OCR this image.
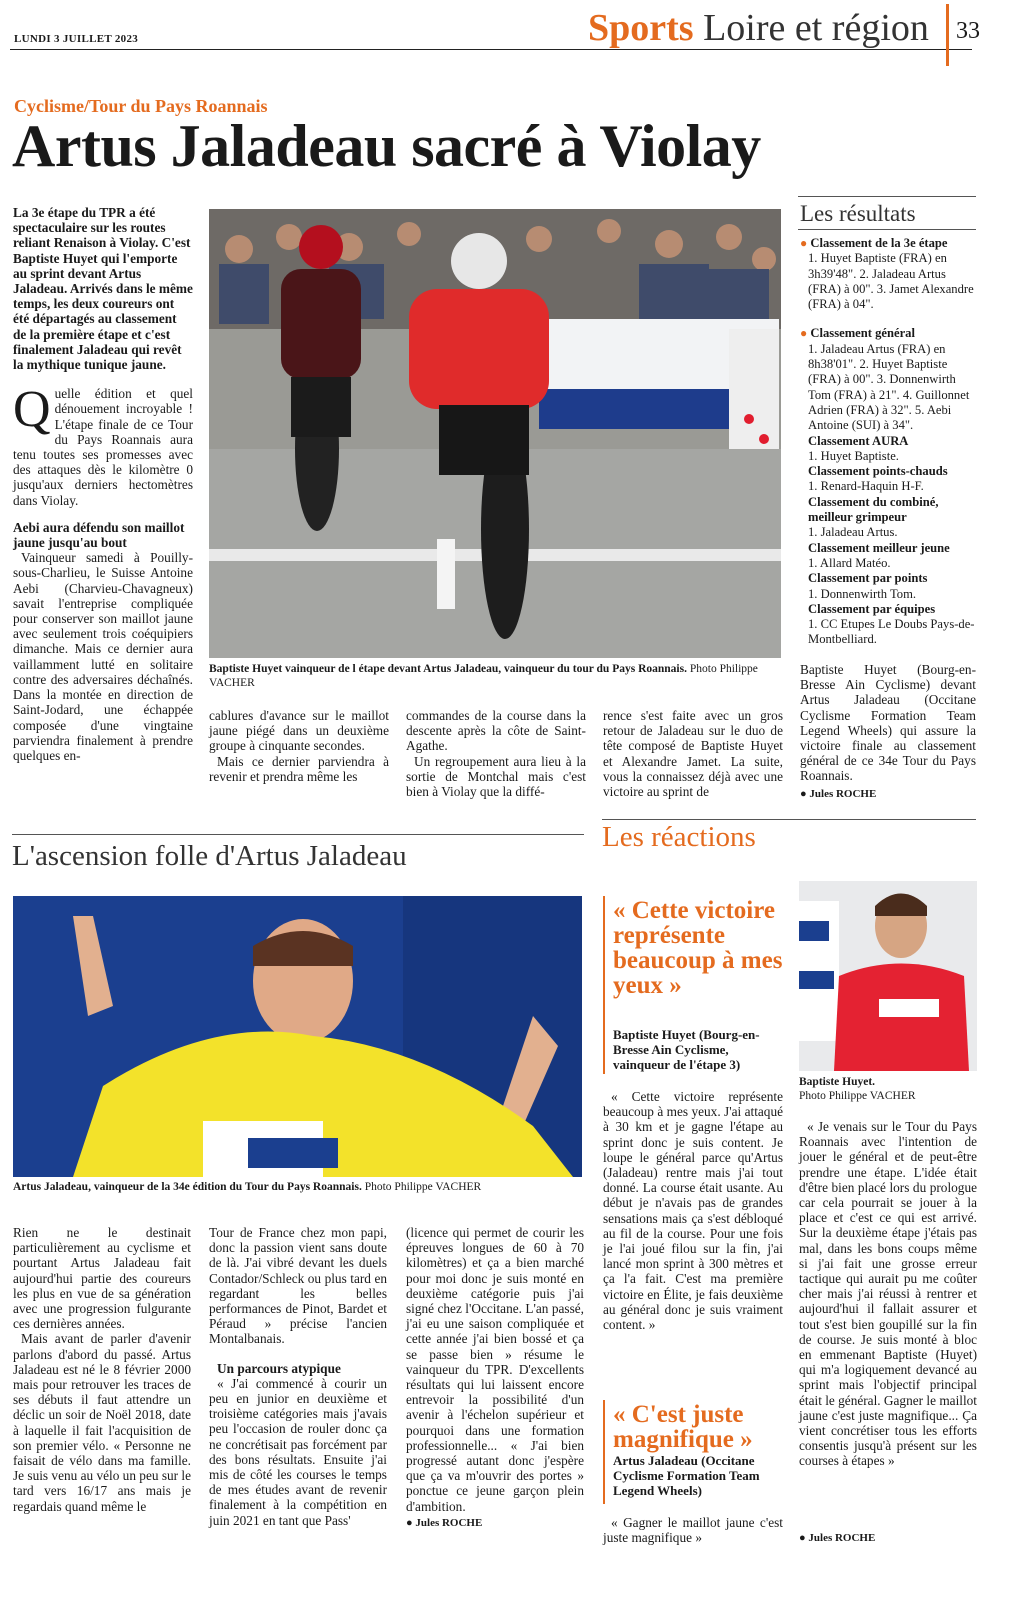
LUNDI 3 JUILLET 2023	Sports Loire et région 33
Cyclisme/Tour du Pays Roannais
Artus Jaladeau sacré à Violay

La 3e étape du TPR a été spectaculaire sur les routes reliant Renaison à Violay. C'est Baptiste Huyet qui l'emporte au sprint devant Artus Jaladeau. Arrivés dans le même temps, les deux coureurs ont été départagés au classement de la première étape et c'est finalement Jaladeau qui revêt la mythique tunique jaune.

Quelle édition et quel dénouement incroyable ! L'étape finale de ce Tour du Pays Roannais aura tenu toutes ses promesses avec des attaques dès le kilomètre 0 jusqu'aux derniers hectomètres dans Violay.

Aebi aura défendu son maillot jaune jusqu'au bout

Vainqueur samedi à Pouilly-sous-Charlieu, le Suisse Antoine Aebi (Charvieu-Chavagneux) savait l'entreprise compliquée pour conserver son maillot jaune avec seulement trois coéquipiers dimanche. Mais ce dernier aura vaillamment lutté en solitaire contre des adversaires déchaînés. Dans la montée en direction de Saint-Jodard, une échappée composée d'une vingtaine parviendra finalement à prendre quelques en-

Baptiste Huyet vainqueur de l étape devant Artus Jaladeau, vainqueur du tour du Pays Roannais. Photo Philippe VACHER

cablures d'avance sur le maillot jaune piégé dans un deuxième groupe à cinquante secondes.

Mais ce dernier parviendra à revenir et prendra même les

commandes de la course dans la descente après la côte de Saint-Agathe.

Un regroupement aura lieu à la sortie de Montchal mais c'est bien à Violay que la diffé-

rence s'est faite avec un gros retour de Jaladeau sur le duo de tête composé de Baptiste Huyet et Alexandre Jamet. La suite, vous la connaissez déjà avec une victoire au sprint de

Les résultats
● Classement de la 3e étape
1. Huyet Baptiste (FRA) en 3h39'48". 2. Jaladeau Artus (FRA) à 00". 3. Jamet Alexandre (FRA) à 04".
● Classement général
1. Jaladeau Artus (FRA) en 8h38'01". 2. Huyet Baptiste (FRA) à 00". 3. Donnenwirth Tom (FRA) à 21". 4. Guillonnet Adrien (FRA) à 32". 5. Aebi Antoine (SUI) à 34".
Classement AURA
1. Huyet Baptiste.
Classement points-chauds
1. Renard-Haquin H-F.
Classement du combiné, meilleur grimpeur
1. Jaladeau Artus.
Classement meilleur jeune
1. Allard Matéo.
Classement par points
1. Donnenwirth Tom.
Classement par équipes
1. CC Etupes Le Doubs Pays-de-Montbelliard.

Baptiste Huyet (Bourg-en-Bresse Ain Cyclisme) devant Artus Jaladeau (Occitane Cyclisme Formation Team Legend Wheels) qui assure la victoire finale au classement général de ce 34e Tour du Pays Roannais.

● Jules ROCHE

L'ascension folle d'Artus Jaladeau
Artus Jaladeau, vainqueur de la 34e édition du Tour du Pays Roannais. Photo Philippe VACHER

Rien ne le destinait particulièrement au cyclisme et pourtant Artus Jaladeau fait aujourd'hui partie des coureurs les plus en vue de sa génération avec une progression fulgurante ces dernières années.

Mais avant de parler d'avenir parlons d'abord du passé. Artus Jaladeau est né le 8 février 2000 mais pour retrouver les traces de ses débuts il faut attendre un déclic un soir de Noël 2018, date à laquelle il fait l'acquisition de son premier vélo. « Personne ne faisait de vélo dans ma famille. Je suis venu au vélo un peu sur le tard vers 16/17 ans mais je regardais quand même le

Tour de France chez mon papi, donc la passion vient sans doute de là. J'ai vibré devant les duels Contador/Schleck ou plus tard en regardant les belles performances de Pinot, Bardet et Péraud » précise l'ancien Montalbanais.

Un parcours atypique

« J'ai commencé à courir un peu en junior en deuxième et troisième catégories mais j'avais peu l'occasion de rouler donc ça ne concrétisait pas forcément par des bons résultats. Ensuite j'ai mis de côté les courses le temps de mes études avant de revenir finalement à la compétition en juin 2021 en tant que Pass'

(licence qui permet de courir les épreuves longues de 60 à 70 kilomètres) et ça a bien marché pour moi donc je suis monté en deuxième catégorie puis j'ai signé chez l'Occitane. L'an passé, j'ai eu une saison compliquée et cette année j'ai bien bossé et ça se passe bien » résume le vainqueur du TPR. D'excellents résultats qui lui laissent encore entrevoir la possibilité d'un avenir à l'échelon supérieur et pourquoi dans une formation professionnelle... « J'ai bien progressé autant donc j'espère que ça va m'ouvrir des portes » ponctue ce jeune garçon plein d'ambition.

● Jules ROCHE

Les réactions
« Cette victoire représente beaucoup à mes yeux »
Baptiste Huyet (Bourg-en-Bresse Ain Cyclisme, vainqueur de l'étape 3)
« Cette victoire représente beaucoup à mes yeux. J'ai attaqué à 30 km et je gagne l'étape au sprint donc je suis content. Je loupe le général parce qu'Artus (Jaladeau) rentre mais j'ai tout donné. La course était usante. Au début je n'avais pas de grandes sensations mais ça s'est débloqué au fil de la course. Pour une fois je l'ai joué filou sur la fin, j'ai lancé mon sprint à 300 mètres et ça l'a fait. C'est ma première victoire en Élite, je fais deuxième au général donc je suis vraiment content. »
« C'est juste magnifique »
Artus Jaladeau (Occitane Cyclisme Formation Team Legend Wheels)
« Gagner le maillot jaune c'est juste magnifique »
Baptiste Huyet.
Photo Philippe VACHER
« Je venais sur le Tour du Pays Roannais avec l'intention de jouer le général et de peut-être prendre une étape. L'idée était d'être bien placé lors du prologue car cela pourrait se jouer à la place et c'est ce qui est arrivé. Sur la deuxième étape j'étais pas mal, dans les bons coups même si j'ai fait une grosse erreur tactique qui aurait pu me coûter cher mais j'ai réussi à rentrer et aujourd'hui il fallait assurer et tout s'est bien goupillé sur la fin de course. Je suis monté à bloc en emmenant Baptiste (Huyet) qui m'a logiquement devancé au sprint mais l'objectif principal était le général. Gagner le maillot jaune c'est juste magnifique... Ça vient concrétiser tous les efforts consentis jusqu'à présent sur les courses à étapes »
● Jules ROCHE
